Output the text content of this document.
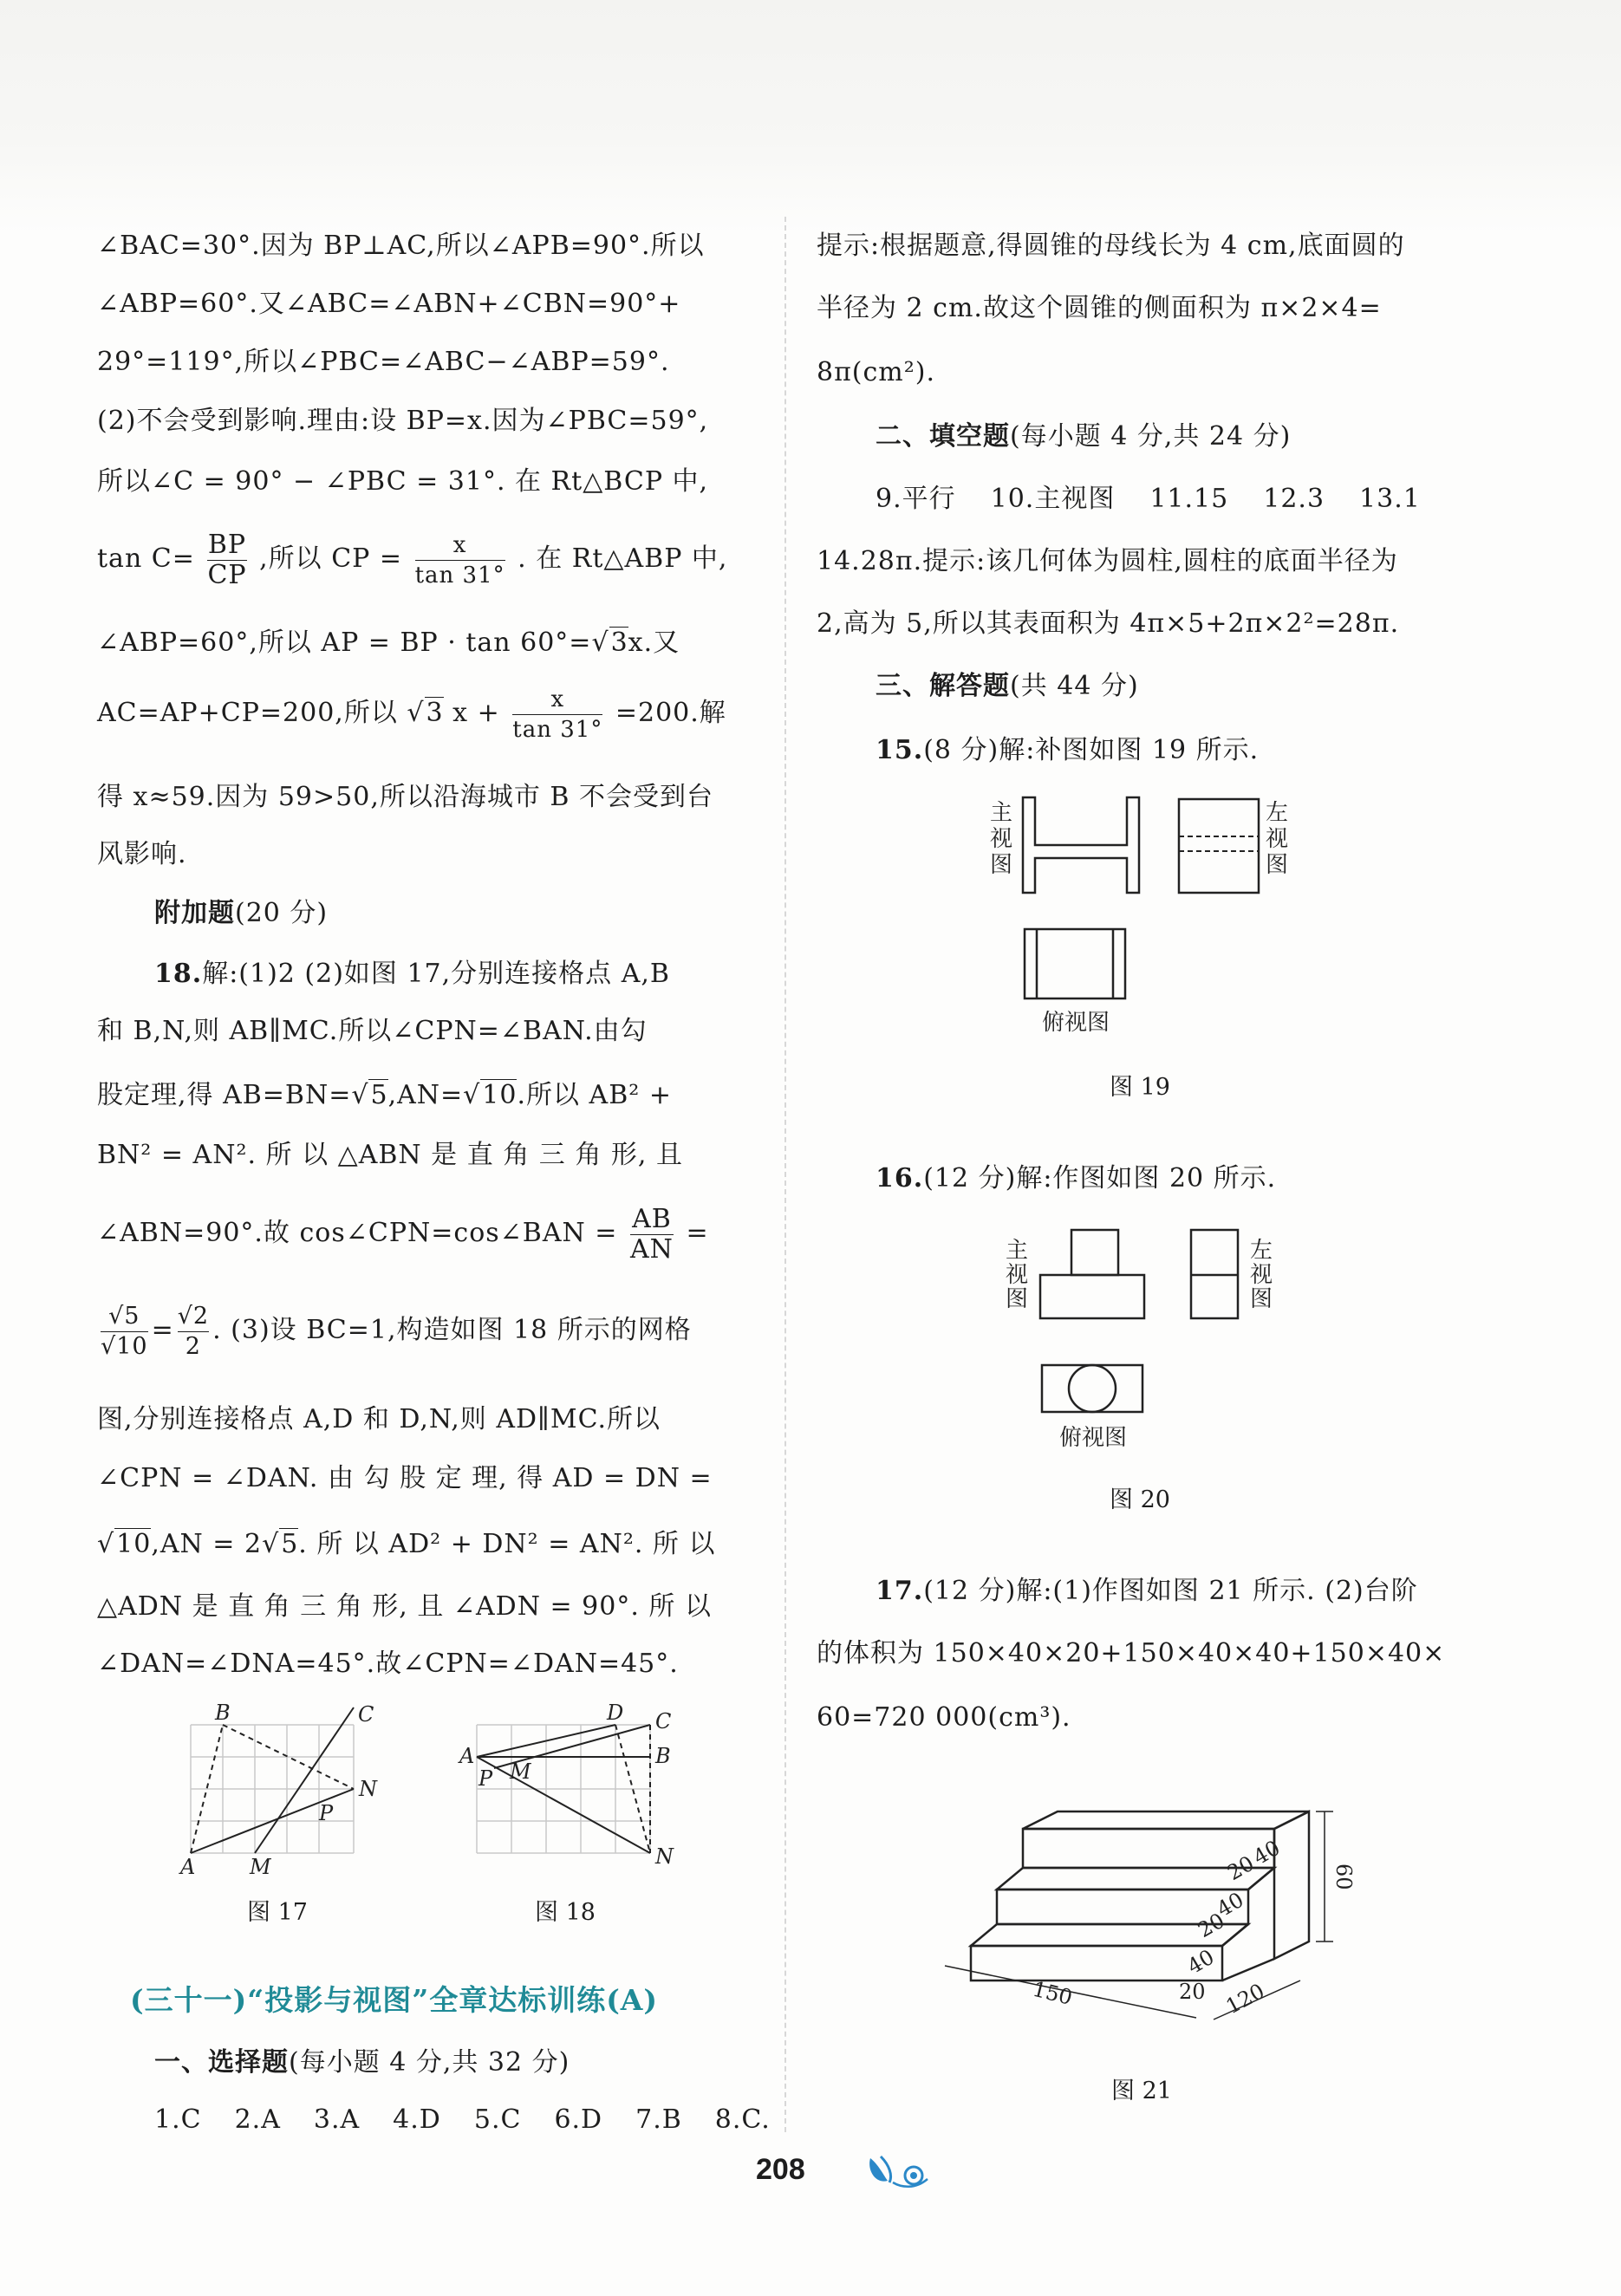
∠BAC=30°.因为 BP⊥AC,所以∠APB=90°.所以
∠ABP=60°.又∠ABC=∠ABN+∠CBN=90°+
29°=119°,所以∠PBC=∠ABC−∠ABP=59°.
(2)不会受到影响.理由:设 BP=x.因为∠PBC=59°,
所以∠C = 90° − ∠PBC = 31°. 在 Rt△BCP 中,
$\tan C= \frac{BP}{CP}$ ,所以 CP = $\frac{x}{\tan 31^\circ}$ . 在 Rt△ABP 中,
∠ABP=60°,所以 AP = BP · tan 60°=√3x.又
AC=AP+CP=200,所以 √3 $x + \frac{x}{\tan 31^\circ} =200$.解
得 x≈59.因为 59>50,所以沿海城市 B 不会受到台
风影响.
附加题(20 分)
18.解:(1)2 (2)如图 17,分别连接格点 A,B
和 B,N,则 AB∥MC.所以∠CPN=∠BAN.由勾
股定理,得 AB=BN=√5,AN=√10.所以 AB² +
BN² = AN². 所 以 △ABN 是 直 角 三 角 形, 且
∠ABN=90°.故 cos∠CPN=cos∠BAN = $\frac{AB}{AN}$ =
$\frac{√5}{√10} = \frac{√2}{2}$ . (3)设 BC=1,构造如图 18 所示的网格
图,分别连接格点 A,D 和 D,N,则 AD∥MC.所以
∠CPN = ∠DAN. 由 勾 股 定 理, 得 AD = DN =
√10,AN = 2√5. 所 以 AD² + DN² = AN². 所 以
△ADN 是 直 角 三 角 形, 且 ∠ADN = 90°. 所 以
∠DAN=∠DNA=45°.故∠CPN=∠DAN=45°.
B	C
N
P
A	M
图 17
D C
A
M
B
P
N
图 18
(三十一)“投影与视图”全章达标训练(A)
一、选择题(每小题 4 分,共 32 分)
1.C 2.A 3.A 4.D 5.C 6.D 7.B 8.C.
提示:根据题意,得圆锥的母线长为 4 cm,底面圆的
半径为 2 cm.故这个圆锥的侧面积为 π×2×4=
8π(cm²).
二、填空题(每小题 4 分,共 24 分)
9.平行 10.主视图 11.15 12.3 13.1
14.28π.提示:该几何体为圆柱,圆柱的底面半径为
2,高为 5,所以其表面积为 4π×5+2π×2²=28π.
三、解答题(共 44 分)
15.(8 分)解:补图如图 19 所示.
主
视
图
左
视
图
俯视图
图 19
16.(12 分)解:作图如图 20 所示.
主
视
图
左
视
图
俯视图
图 20
17.(12 分)解:(1)作图如图 21 所示. (2)台阶
的体积为 150×40×20+150×40×40+150×40×
60=720 000(cm³).
40
20
40
20
40
20
60
150	120
图 21
208
